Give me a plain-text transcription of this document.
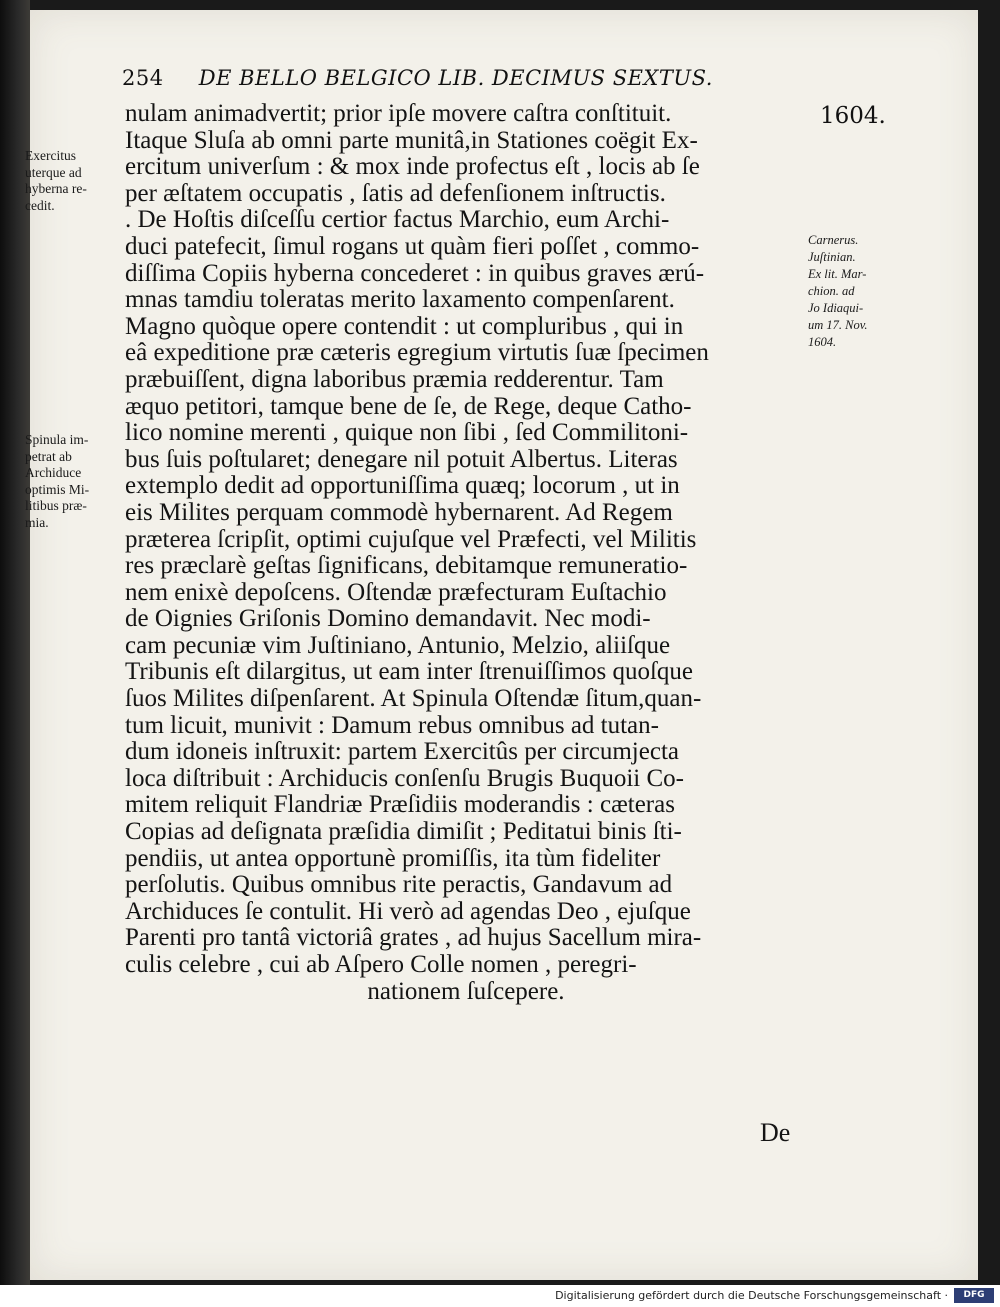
254 DE BELLO BELGICO LIB. DECIMUS SEXTUS.
1604.
Exercitus
uterque ad
hyberna re-
cedit.
Spinula im-
petrat ab
Archiduce
optimis Mi-
litibus præ-
mia.
Carnerus.
Juſtinian.
Ex lit. Mar-
chion. ad
Jo Idiaqui-
um 17. Nov.
1604.
nulam animadvertit; prior ipſe movere caſtra conſtituit.
Itaque Sluſa ab omni parte munitâ,in Stationes coëgit Ex-
ercitum univerſum : & mox inde profectus eſt , locis ab ſe
per æſtatem occupatis , ſatis ad defenſionem inſtructis.
. De Hoſtis diſceſſu certior factus Marchio, eum Archi-
duci patefecit, ſimul rogans ut quàm fieri poſſet , commo-
diſſima Copiis hyberna concederet : in quibus graves ærú-
mnas tamdiu toleratas merito laxamento compenſarent.
Magno quòque opere contendit : ut compluribus , qui in
eâ expeditione præ cæteris egregium virtutis ſuæ ſpecimen
præbuiſſent, digna laboribus præmia redderentur. Tam
æquo petitori, tamque bene de ſe, de Rege, deque Catho-
lico nomine merenti , quique non ſibi , ſed Commilitoni-
bus ſuis poſtularet; denegare nil potuit Albertus. Literas
extemplo dedit ad opportuniſſima quæq; locorum , ut in
eis Milites perquam commodè hybernarent. Ad Regem
præterea ſcripſit, optimi cujuſque vel Præfecti, vel Militis
res præclarè geſtas ſignificans, debitamque remuneratio-
nem enixè depoſcens. Oſtendæ præfecturam Euſtachio
de Oignies Griſonis Domino demandavit. Nec modi-
cam pecuniæ vim Juſtiniano, Antunio, Melzio, aliiſque
Tribunis eſt dilargitus, ut eam inter ſtrenuiſſimos quoſque
ſuos Milites diſpenſarent. At Spinula Oſtendæ ſitum,quan-
tum licuit, munivit : Damum rebus omnibus ad tutan-
dum idoneis inſtruxit: partem Exercitûs per circumjecta
loca diſtribuit : Archiducis conſenſu Brugis Buquoii Co-
mitem reliquit Flandriæ Præſidiis moderandis : cæteras
Copias ad deſignata præſidia dimiſit ; Peditatui binis ſti-
pendiis, ut antea opportunè promiſſis, ita tùm fideliter
perſolutis. Quibus omnibus rite peractis, Gandavum ad
Archiduces ſe contulit. Hi verò ad agendas Deo , ejuſque
Parenti pro tantâ victoriâ grates , ad hujus Sacellum mira-
culis celebre , cui ab Aſpero Colle nomen , peregri-
nationem ſuſcepere.
De
Digitalisierung gefördert durch die Deutsche Forschungsgemeinschaft ·	DFG
